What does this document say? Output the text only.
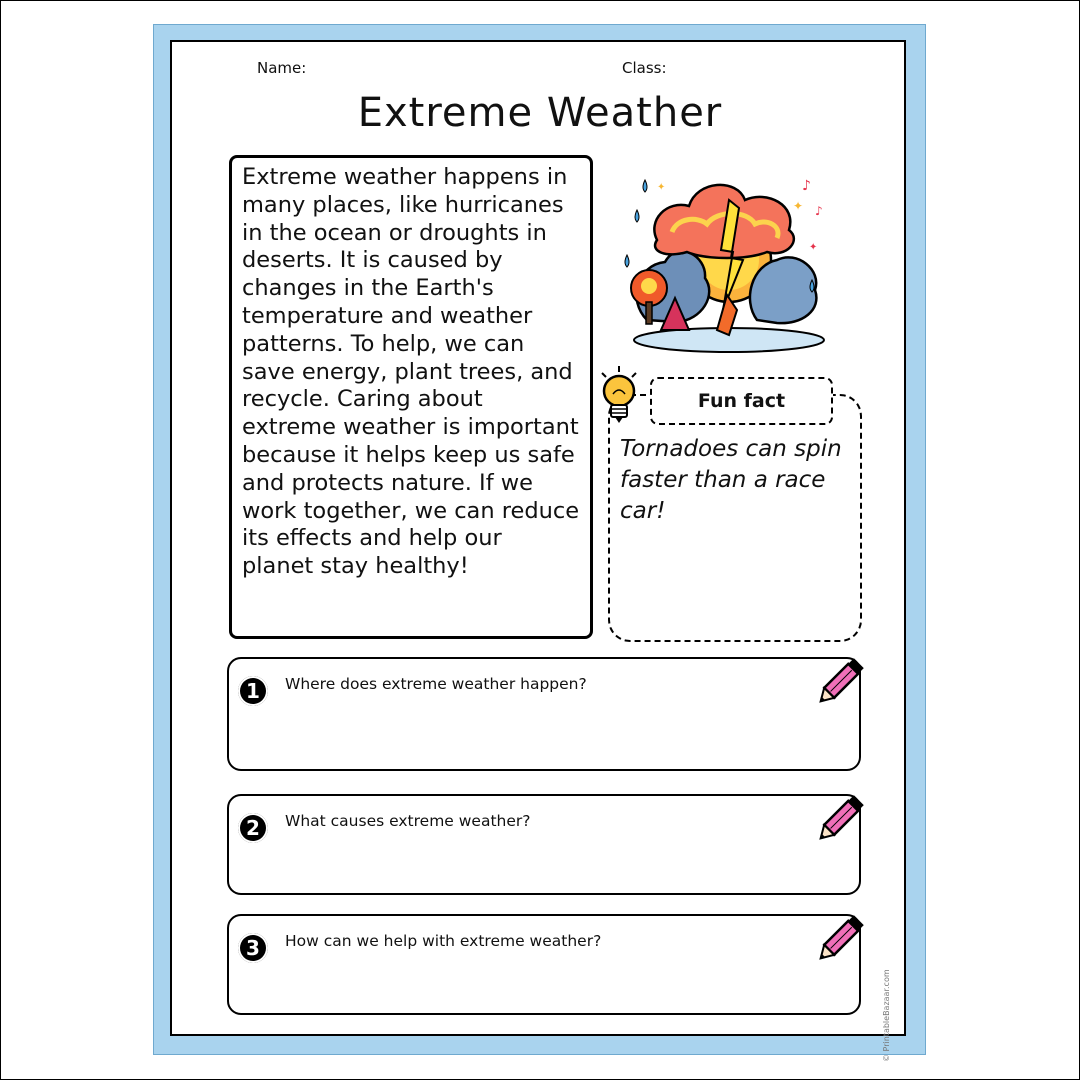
Name:	Class:
Extreme Weather
Extreme weather happens in many places, like hurricanes in the ocean or droughts in deserts. It is caused by changes in the Earth's temperature and weather patterns. To help, we can save energy, plant trees, and recycle. Caring about extreme weather is important because it helps keep us safe and protects nature. If we work together, we can reduce its effects and help our planet stay healthy!
♪
♪
✦
✦
✦
Fun fact
Tornadoes can spin faster than a race car!
1	Where does extreme weather happen?
2	What causes extreme weather?
3	How can we help with extreme weather?
© PrintableBazaar.com
